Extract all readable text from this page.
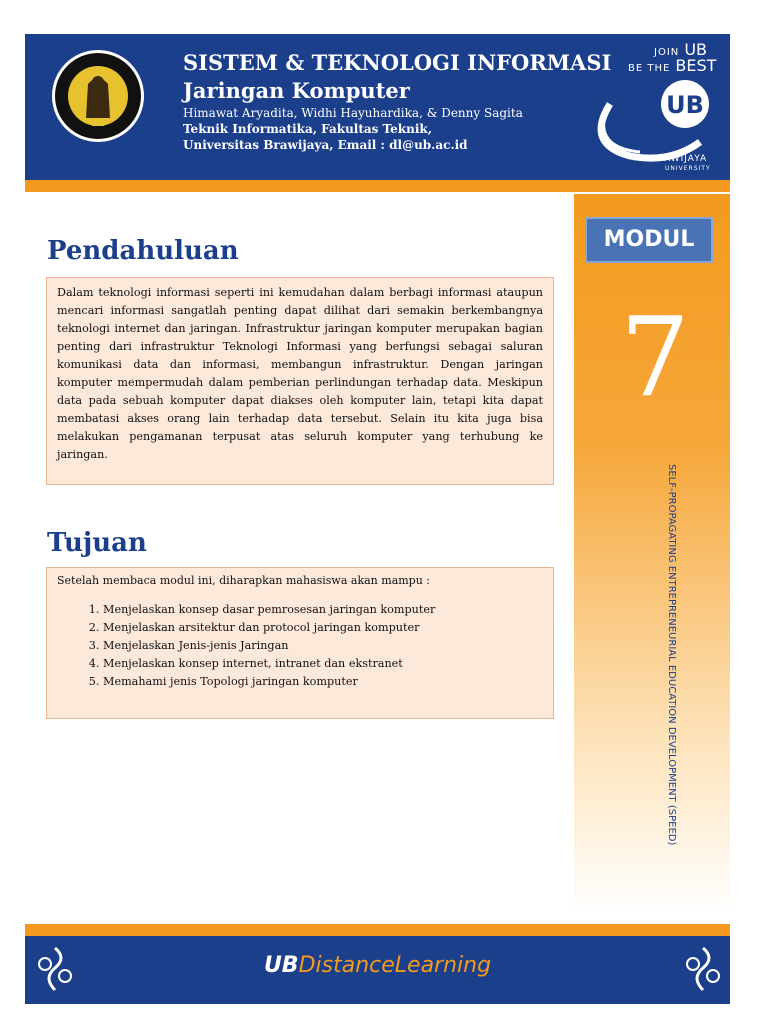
SISTEM & TEKNOLOGI INFORMASI
Jaringan Komputer
Himawat Aryadita, Widhi Hayuhardika, & Denny Sagita
Teknik Informatika, Fakultas Teknik,
Universitas Brawijaya, Email : dl@ub.ac.id
JOIN UB
BE THE BEST
UB
BRAWIJAYA
UNIVERSITY
MODUL
7
SELF-PROPAGATING ENTREPRENEURIAL EDUCATION DEVELOPMENT (SPEED)
Pendahuluan

Dalam teknologi informasi seperti ini kemudahan dalam berbagi informasi ataupun mencari informasi sangatlah penting dapat dilihat dari semakin berkembangnya teknologi internet dan jaringan. Infrastruktur jaringan komputer merupakan bagian penting dari infrastruktur Teknologi Informasi yang berfungsi sebagai saluran komunikasi data dan informasi, membangun infrastruktur. Dengan jaringan komputer mempermudah dalam pemberian perlindungan terhadap data. Meskipun data pada sebuah komputer dapat diakses oleh komputer lain, tetapi kita dapat membatasi akses orang lain terhadap data tersebut. Selain itu kita juga bisa melakukan pengamanan terpusat atas seluruh komputer yang terhubung ke jaringan.

Tujuan

Setelah membaca modul ini, diharapkan mahasiswa akan mampu :

1. Menjelaskan konsep dasar pemrosesan jaringan komputer
2. Menjelaskan arsitektur dan protocol jaringan komputer
3. Menjelaskan Jenis-jenis Jaringan
4. Menjelaskan konsep internet, intranet dan ekstranet
5. Memahami jenis Topologi jaringan komputer
UBDistanceLearning
